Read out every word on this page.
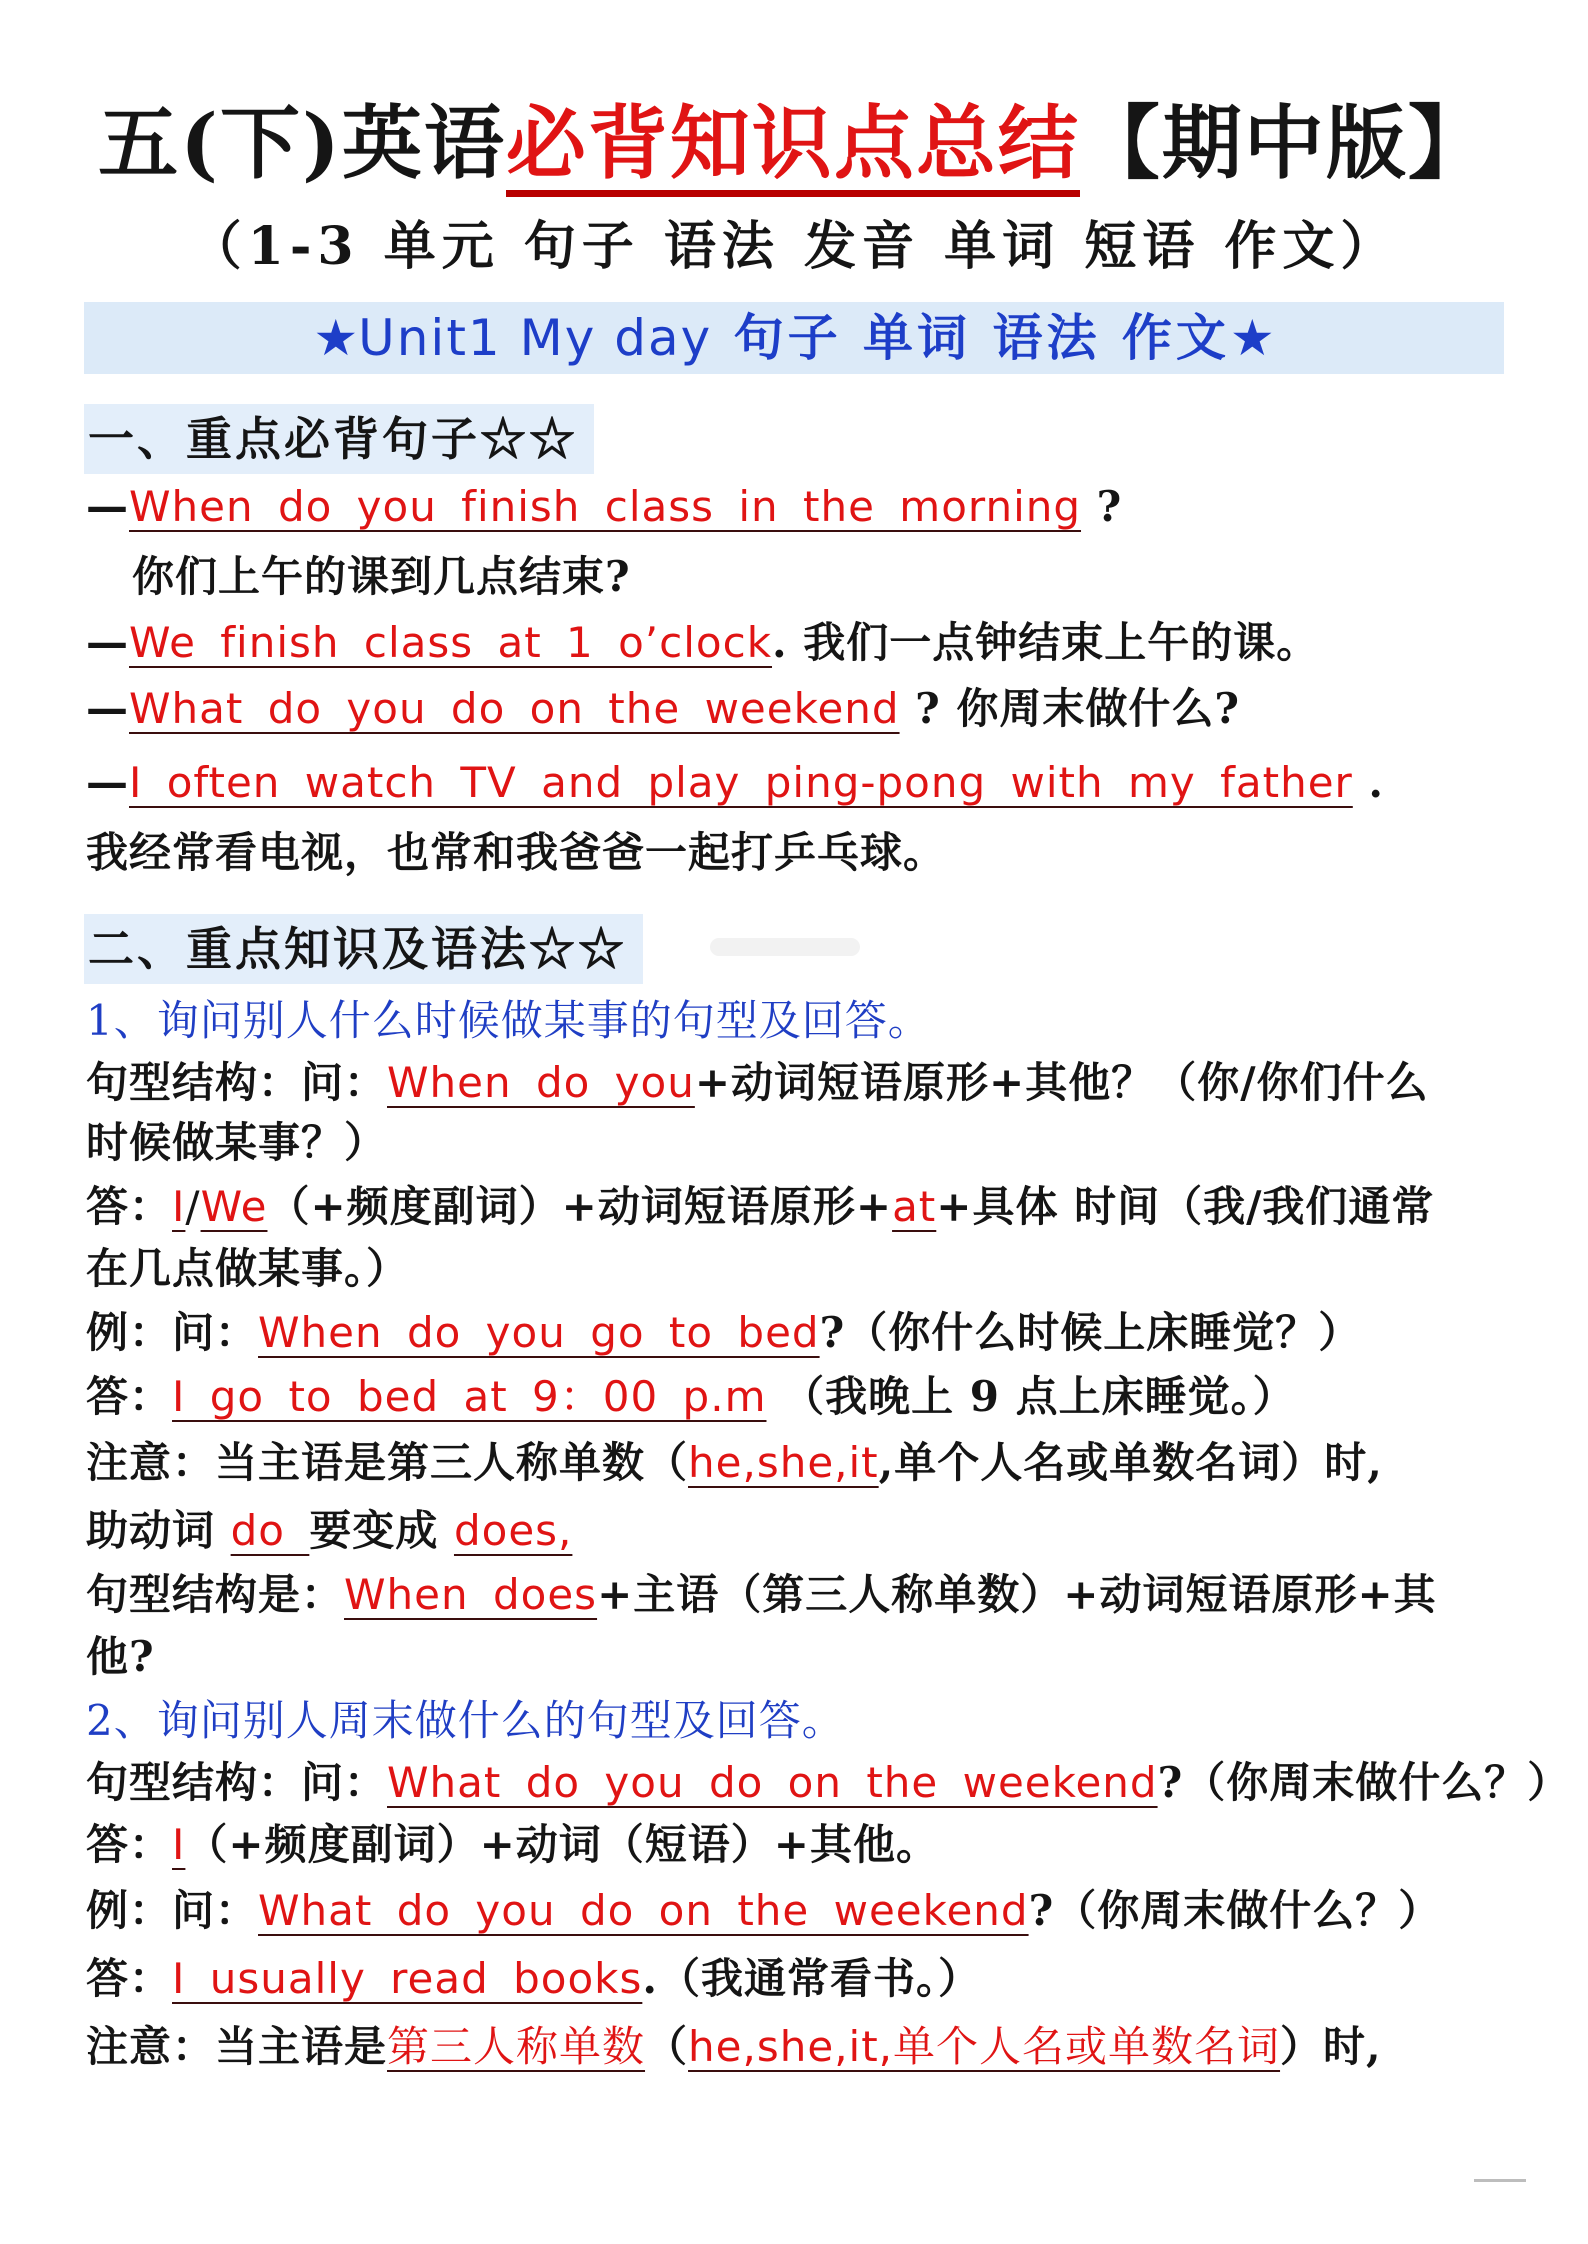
五(下)英语必背知识点总结【期中版】
（1-3 单元 句子 语法 发音 单词 短语 作文）
★Unit1 My day 句子 单词 语法 作文★
一、重点必背句子☆☆
—When do you finish class in the morning ?
你们上午的课到几点结束?
—We finish class at 1 o’clock. 我们一点钟结束上午的课。
—What do you do on the weekend ? 你周末做什么?
—I often watch TV and play ping-pong with my father .
我经常看电视，也常和我爸爸一起打乒乓球。
二、重点知识及语法☆☆
1、询问别人什么时候做某事的句型及回答。
句型结构：问：When do you+动词短语原形+其他？（你/你们什么
时候做某事？）
答：I/We（+频度副词）+动词短语原形+at+具体 时间（我/我们通常
在几点做某事。）
例：问：When do you go to bed?（你什么时候上床睡觉？）
答：I go to bed at 9：00 p.m （我晚上 9 点上床睡觉。）
注意：当主语是第三人称单数（he,she,it,单个人名或单数名词）时,
助动词 do 要变成 does,
句型结构是：When does+主语（第三人称单数）+动词短语原形+其
他?
2、询问别人周末做什么的句型及回答。
句型结构：问：What do you do on the weekend?（你周末做什么？）
答：I（+频度副词）+动词（短语）+其他。
例：问：What do you do on the weekend?（你周末做什么？）
答：I usually read books.（我通常看书。）
注意：当主语是第三人称单数（he,she,it,单个人名或单数名词）时,
